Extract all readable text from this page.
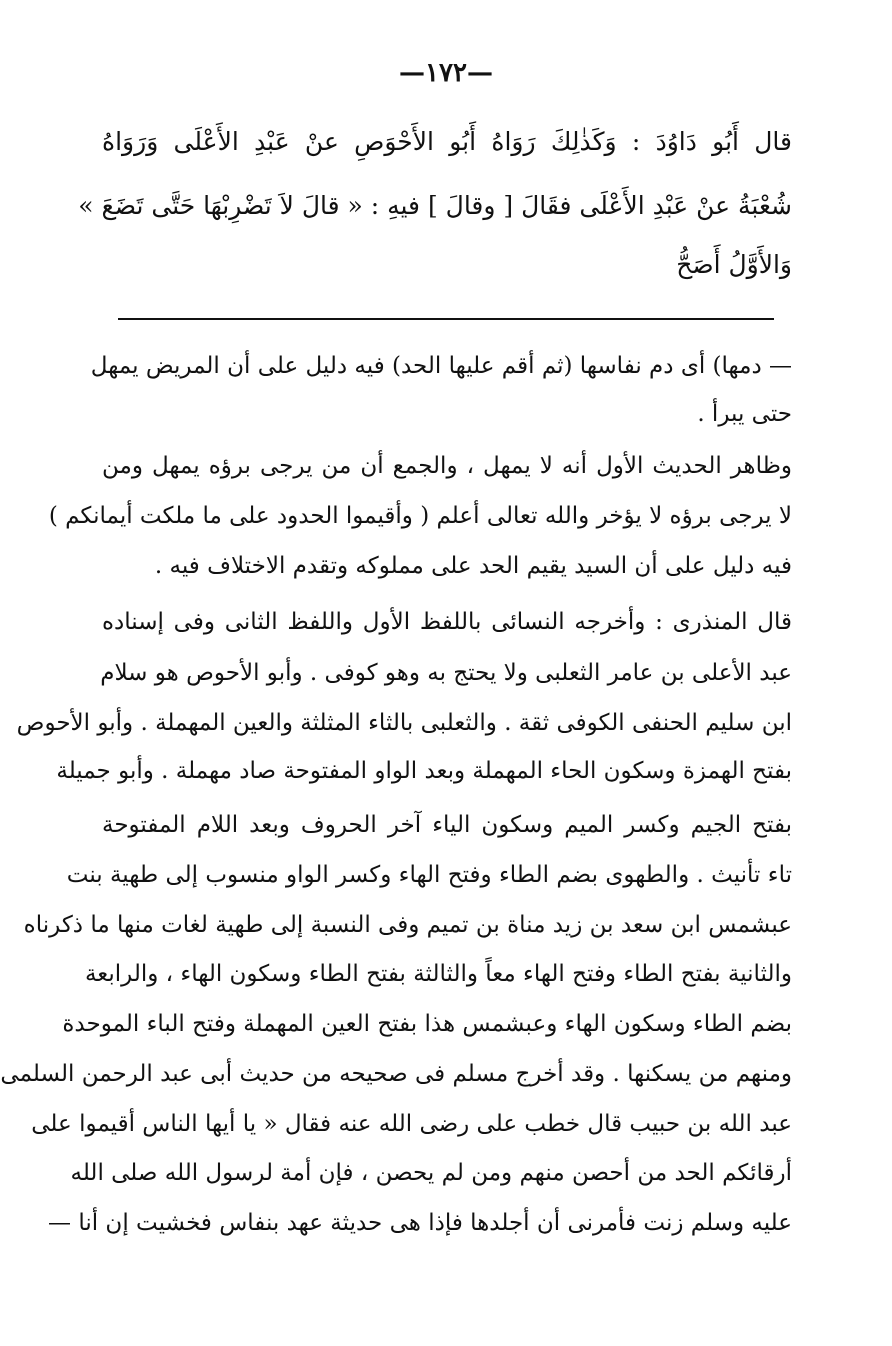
—١٧٢—
قال أَبُو دَاوُدَ : وَكَذٰلِكَ رَوَاهُ أَبُو الأَحْوَصِ عنْ عَبْدِ الأَعْلَى وَرَوَاهُ
شُعْبَةُ عنْ عَبْدِ الأَعْلَى فقَالَ [ وقالَ ] فيهِ : « قالَ لاَ تَضْرِبْهَا حَتَّى تَضَعَ »
وَالأَوَّلُ أَصَحُّ
— دمها) أى دم نفاسها (ثم أقم عليها الحد) فيه دليل على أن المريض يمهل
حتى يبرأ .
وظاهر الحديث الأول أنه لا يمهل ، والجمع أن من يرجى برؤه يمهل ومن
لا يرجى برؤه لا يؤخر والله تعالى أعلم ( وأقيموا الحدود على ما ملكت أيمانكم )
فيه دليل على أن السيد يقيم الحد على مملوكه وتقدم الاختلاف فيه .
قال المنذرى : وأخرجه النسائى باللفظ الأول واللفظ الثانى وفى إسناده
عبد الأعلى بن عامر الثعلبى ولا يحتج به وهو كوفى . وأبو الأحوص هو سلام
ابن سليم الحنفى الكوفى ثقة . والثعلبى بالثاء المثلثة والعين المهملة . وأبو الأحوص
بفتح الهمزة وسكون الحاء المهملة وبعد الواو المفتوحة صاد مهملة . وأبو جميلة
بفتح الجيم وكسر الميم وسكون الياء آخر الحروف وبعد اللام المفتوحة
تاء تأنيث . والطهوى بضم الطاء وفتح الهاء وكسر الواو منسوب إلى طهية بنت
عبشمس ابن سعد بن زيد مناة بن تميم وفى النسبة إلى طهية لغات منها ما ذكرناه
والثانية بفتح الطاء وفتح الهاء معاً والثالثة بفتح الطاء وسكون الهاء ، والرابعة
بضم الطاء وسكون الهاء وعبشمس هذا بفتح العين المهملة وفتح الباء الموحدة
ومنهم من يسكنها . وقد أخرج مسلم فى صحيحه من حديث أبى عبد الرحمن السلمى
عبد الله بن حبيب قال خطب على رضى الله عنه فقال « يا أيها الناس أقيموا على
أرقائكم الحد من أحصن منهم ومن لم يحصن ، فإن أمة لرسول الله صلى الله
عليه وسلم زنت فأمرنى أن أجلدها فإذا هى حديثة عهد بنفاس فخشيت إن أنا —
